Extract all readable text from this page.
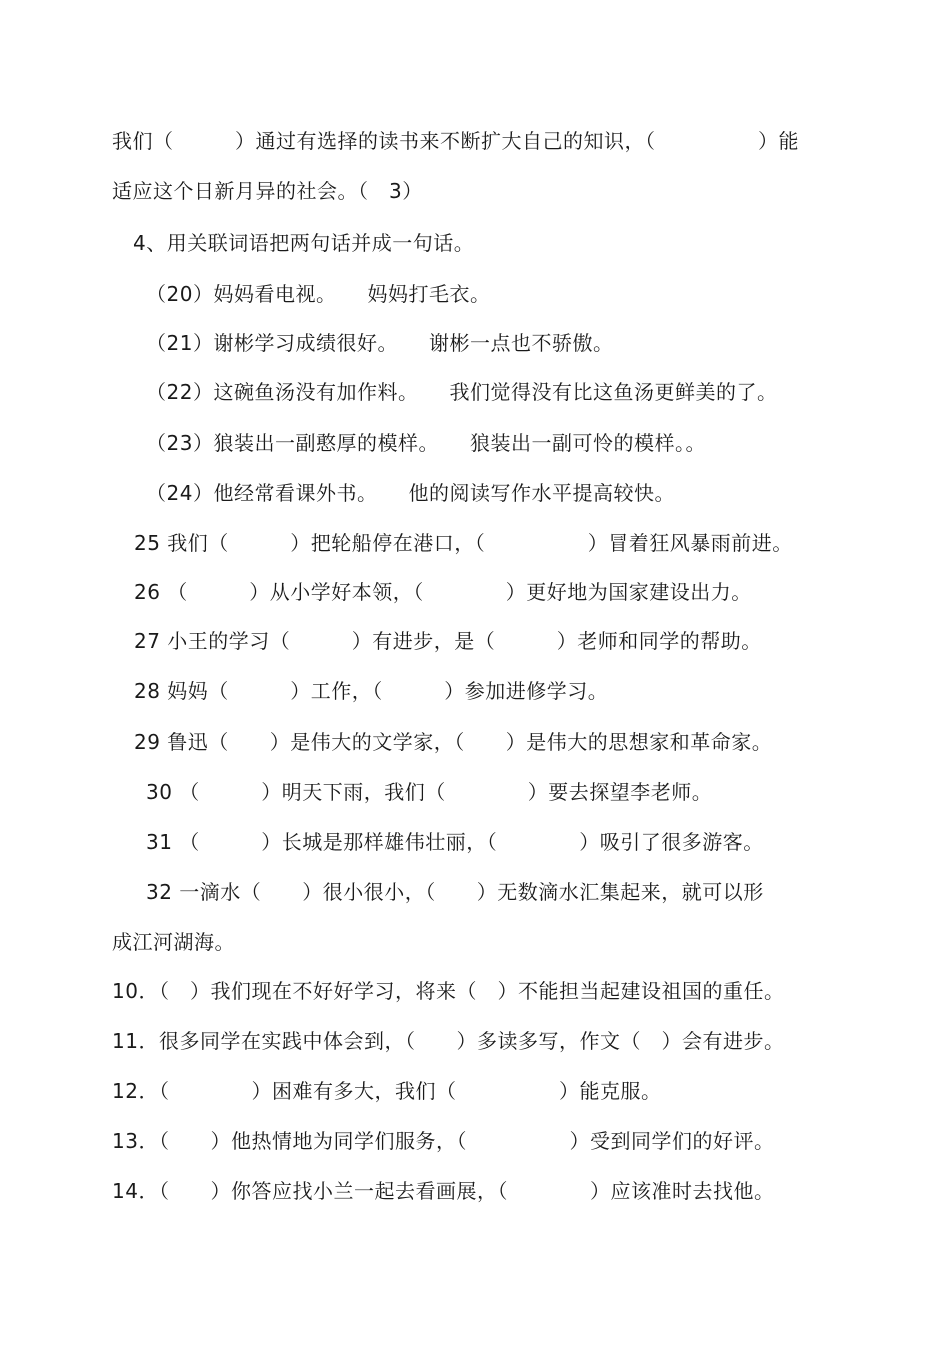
我们（　　　）通过有选择的读书来不断扩大自己的知识，（　　　　　）能
适应这个日新月异的社会。（　3）
4、用关联词语把两句话并成一句话。
（20）妈妈看电视。　　妈妈打毛衣。
（21）谢彬学习成绩很好。　　谢彬一点也不骄傲。
（22）这碗鱼汤没有加作料。　　我们觉得没有比这鱼汤更鲜美的了。
（23）狼装出一副憨厚的模样。　　狼装出一副可怜的模样。。
（24）他经常看课外书。　　他的阅读写作水平提高较快。
25 我们（　　　）把轮船停在港口，（　　　　　）冒着狂风暴雨前进。
26 （　　　）从小学好本领，（　　　　）更好地为国家建设出力。
27 小王的学习（　　　）有进步，是（　　　）老师和同学的帮助。
28 妈妈（　　　）工作，（　　　）参加进修学习。
29 鲁迅（　　）是伟大的文学家，（　　）是伟大的思想家和革命家。
30 （　　　）明天下雨，我们（　　　　）要去探望李老师。
31 （　　　）长城是那样雄伟壮丽，（　　　　）吸引了很多游客。
32 一滴水（　　）很小很小，（　　）无数滴水汇集起来，就可以形
成江河湖海。
10．（　）我们现在不好好学习，将来（　）不能担当起建设祖国的重任。
11．很多同学在实践中体会到，（　　）多读多写，作文（　）会有进步。
12．（　　　　）困难有多大，我们（　　　　　）能克服。
13．（　　）他热情地为同学们服务，（　　　　　）受到同学们的好评。
14．（　　）你答应找小兰一起去看画展，（　　　　）应该准时去找他。
